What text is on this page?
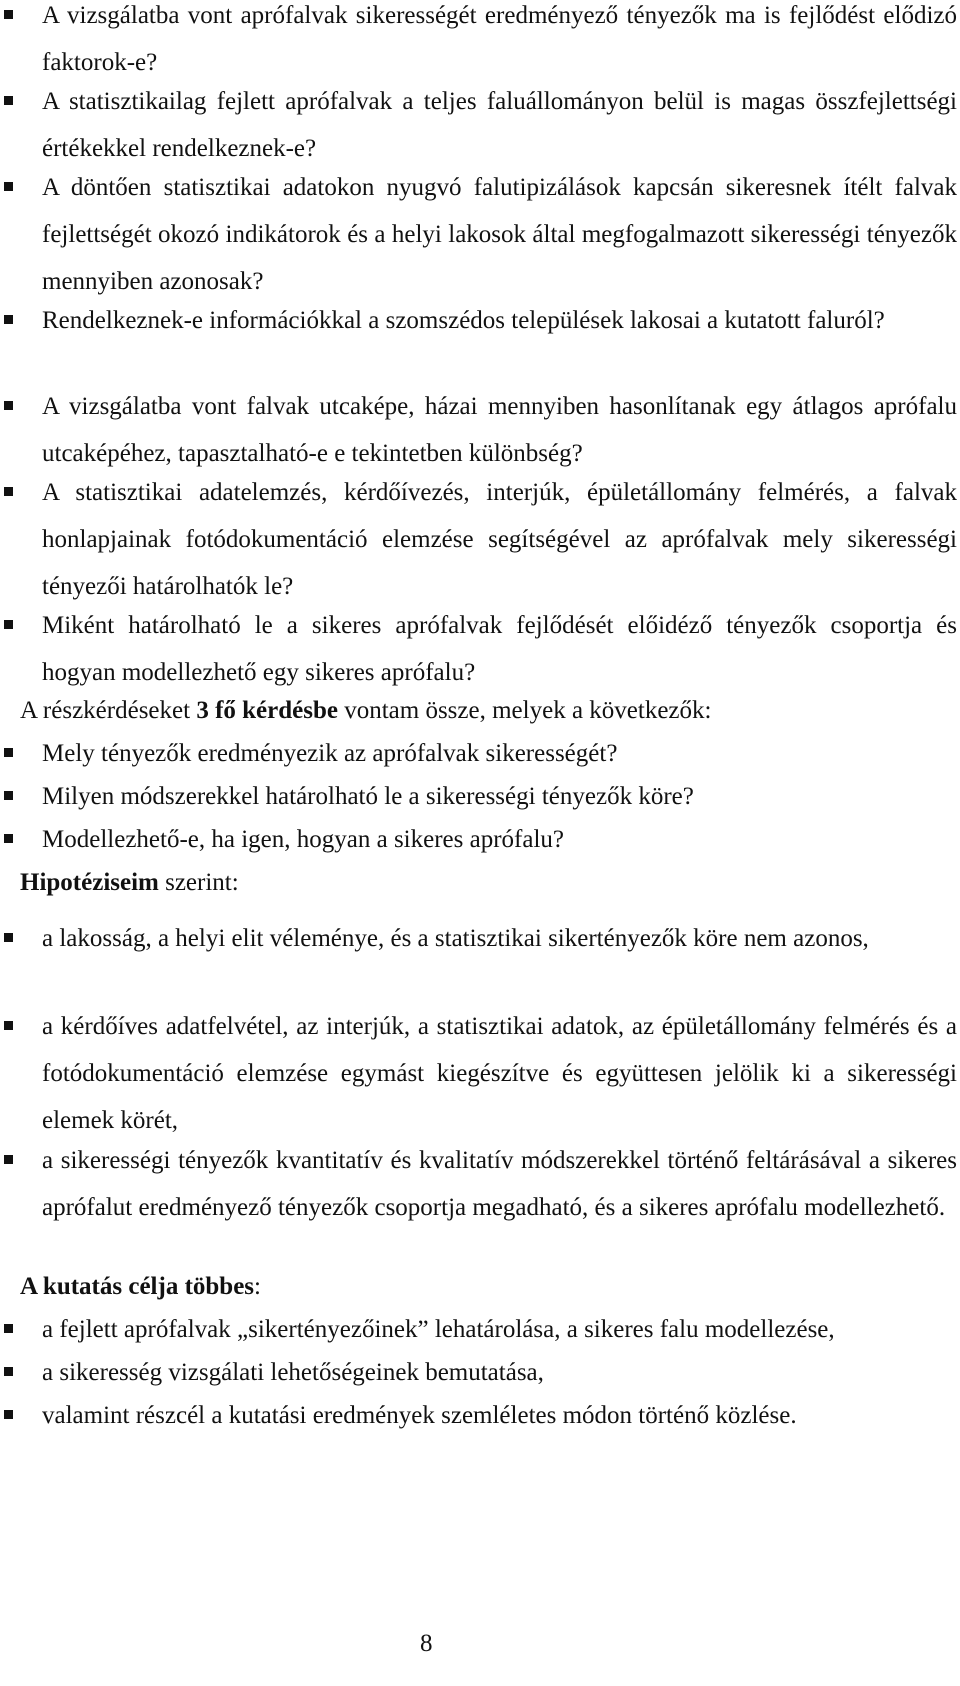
A vizsgálatba vont aprófalvak sikerességét eredményező tényezők ma is fejlődést elődizó faktorok-e?
A statisztikailag fejlett aprófalvak a teljes faluállományon belül is magas összfejlettségi értékekkel rendelkeznek-e?
A döntően statisztikai adatokon nyugvó falutipizálások kapcsán sikeresnek ítélt falvak fejlettségét okozó indikátorok és a helyi lakosok által megfogalmazott sikerességi tényezők mennyiben azonosak?
Rendelkeznek-e információkkal a szomszédos települések lakosai a kutatott faluról?
A vizsgálatba vont falvak utcaképe, házai mennyiben hasonlítanak egy átlagos aprófalu utcaképéhez, tapasztalható-e e tekintetben különbség?
A statisztikai adatelemzés, kérdőívezés, interjúk, épületállomány felmérés, a falvak honlapjainak fotódokumentáció elemzése segítségével az aprófalvak mely sikerességi tényezői határolhatók le?
Miként határolható le a sikeres aprófalvak fejlődését előidéző tényezők csoportja és hogyan modellezhető egy sikeres aprófalu?
A részkérdéseket 3 fő kérdésbe vontam össze, melyek a következők:
Mely tényezők eredményezik az aprófalvak sikerességét?
Milyen módszerekkel határolható le a sikerességi tényezők köre?
Modellezhető-e, ha igen, hogyan a sikeres aprófalu?
Hipotéziseim szerint:
a lakosság, a helyi elit véleménye, és a statisztikai sikertényezők köre nem azonos,
a kérdőíves adatfelvétel, az interjúk, a statisztikai adatok, az épületállomány felmérés és a fotódokumentáció elemzése egymást kiegészítve és együttesen jelölik ki a sikerességi elemek körét,
a sikerességi tényezők kvantitatív és kvalitatív módszerekkel történő feltárásával a sikeres aprófalut eredményező tényezők csoportja megadható, és a sikeres aprófalu modellezhető.
A kutatás célja többes:
a fejlett aprófalvak „sikertényezőinek” lehatárolása, a sikeres falu modellezése,
a sikeresség vizsgálati lehetőségeinek bemutatása,
valamint részcél a kutatási eredmények szemléletes módon történő közlése.
8
